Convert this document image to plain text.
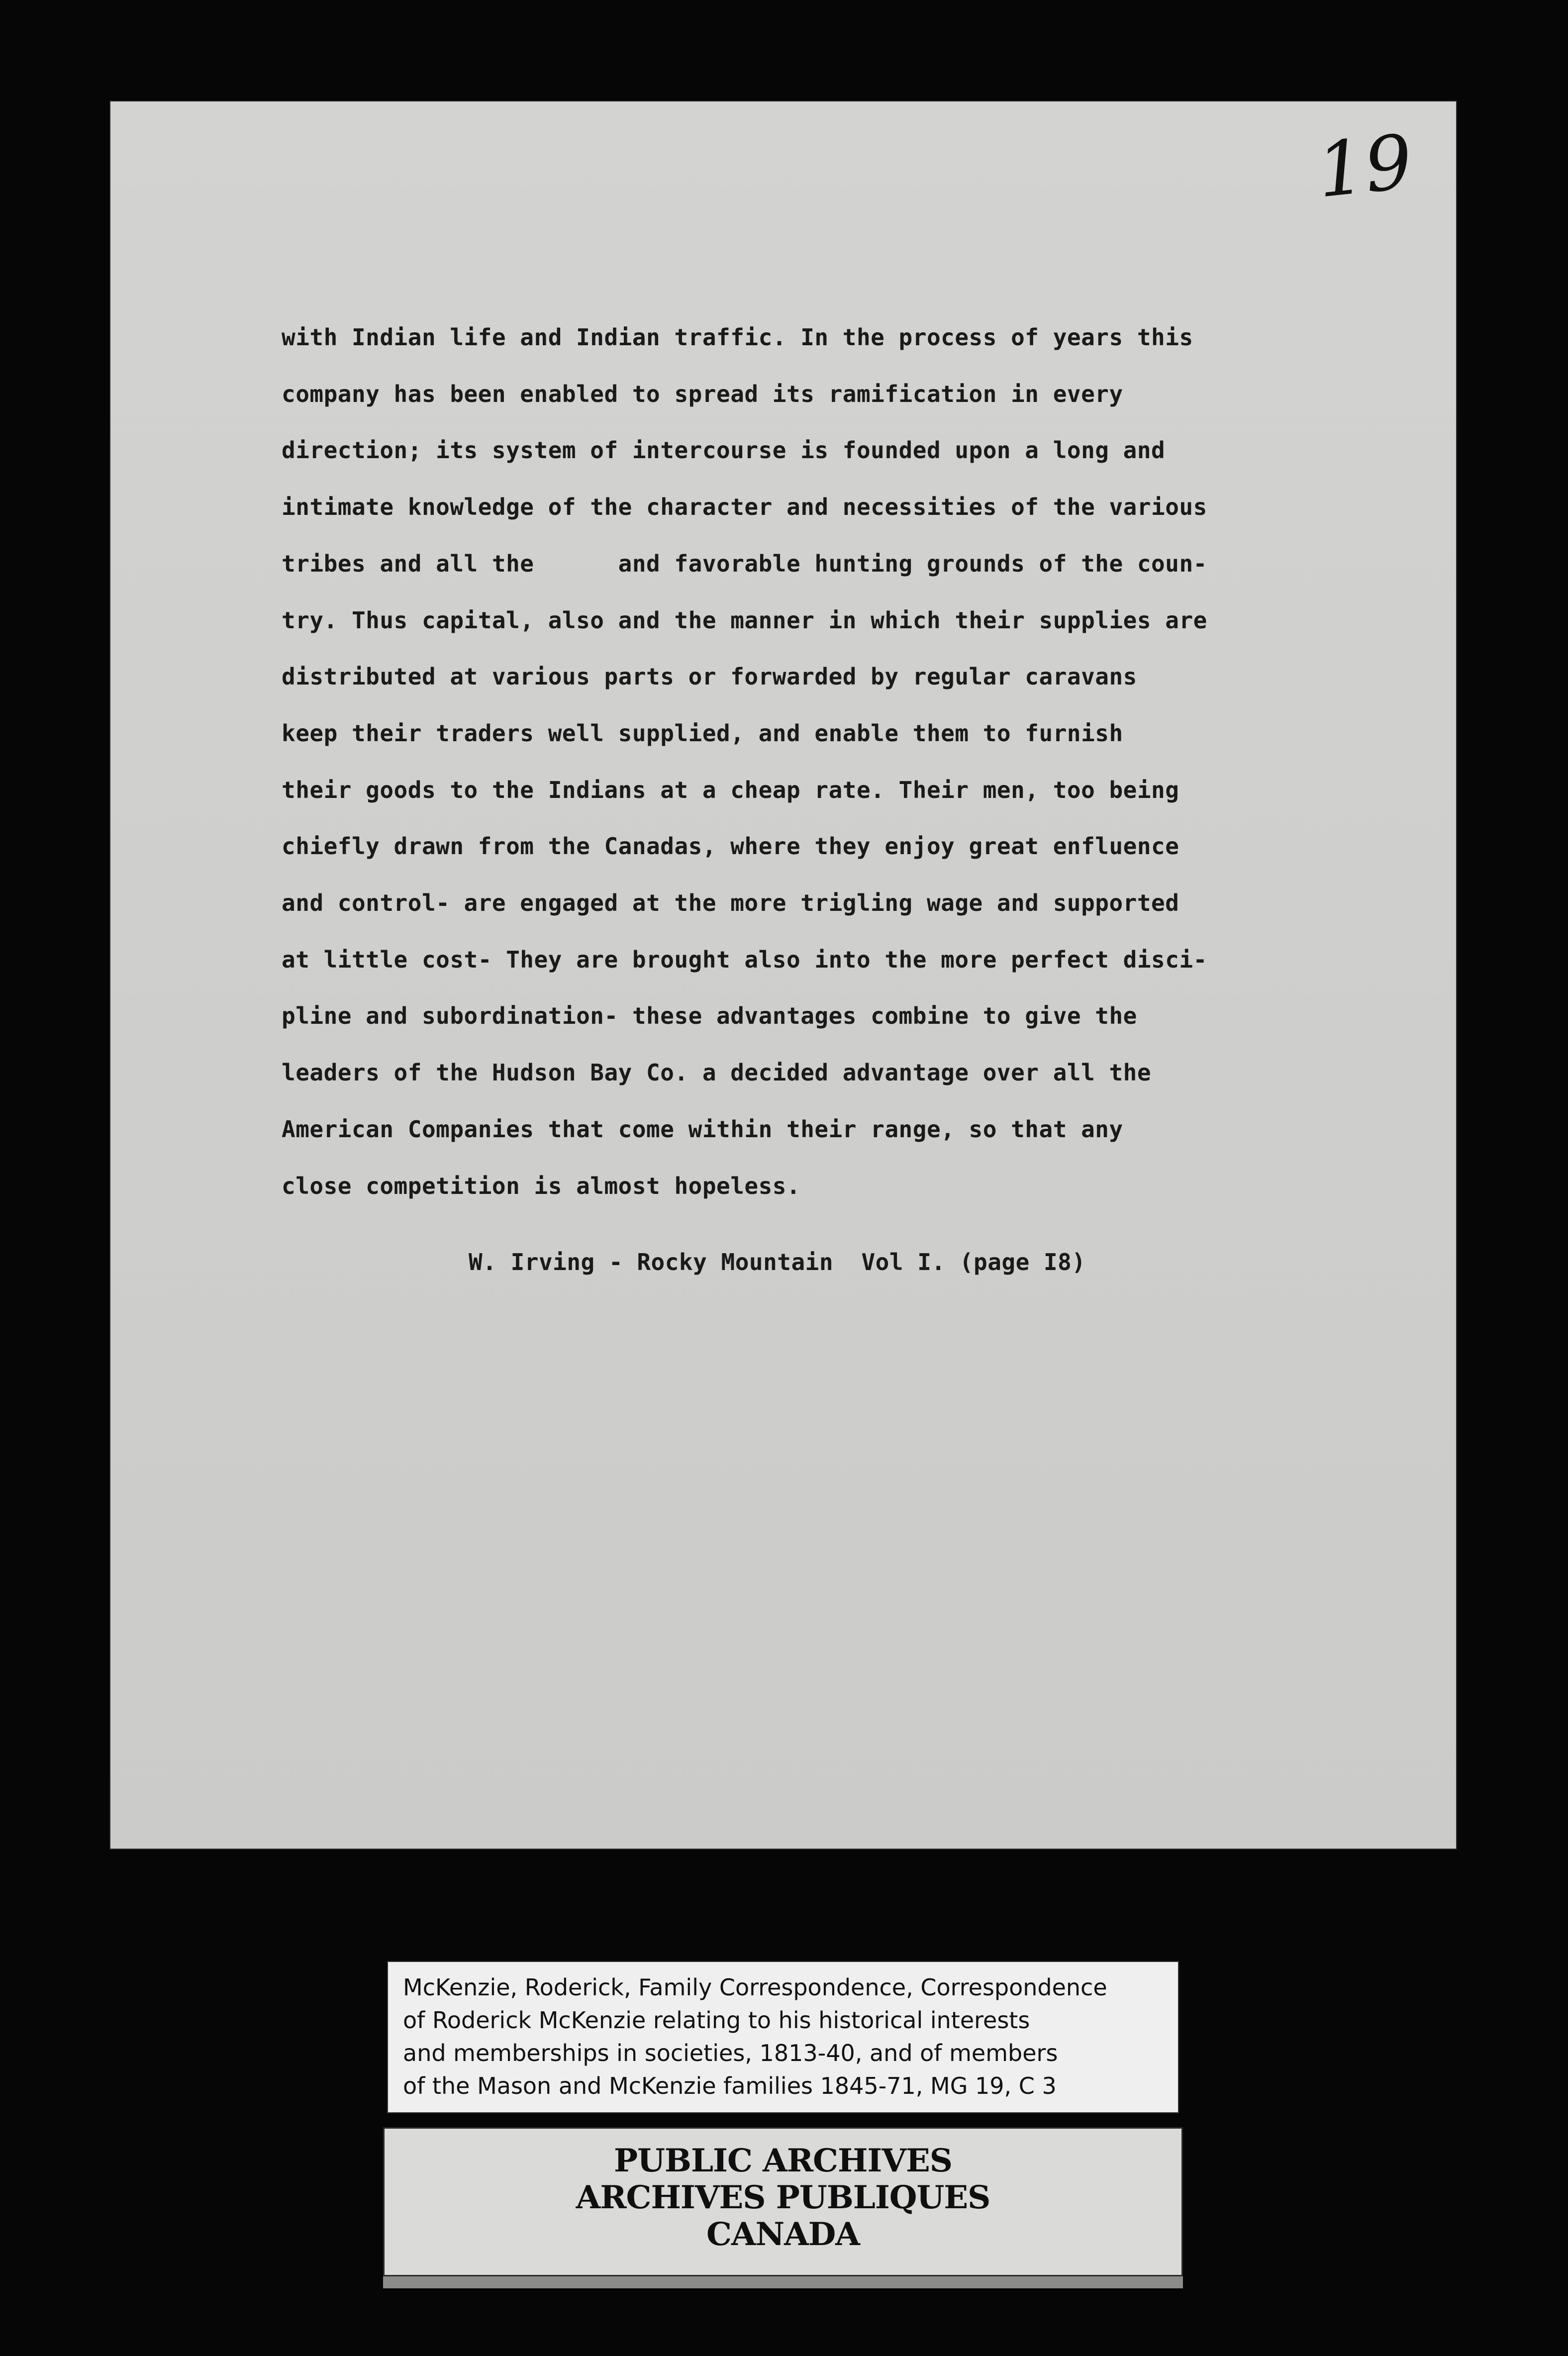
19
with Indian life and Indian traffic. In the process of years this
company has been enabled to spread its ramification in every
direction; its system of intercourse is founded upon a long and
intimate knowledge of the character and necessities of the various
tribes and all the      and favorable hunting grounds of the coun-
try. Thus capital, also and the manner in which their supplies are
distributed at various parts or forwarded by regular caravans
keep their traders well supplied, and enable them to furnish
their goods to the Indians at a cheap rate. Their men, too being
chiefly drawn from the Canadas, where they enjoy great enfluence
and control- are engaged at the more trigling wage and supported
at little cost- They are brought also into the more perfect disci-
pline and subordination- these advantages combine to give the
leaders of the Hudson Bay Co. a decided advantage over all the
American Companies that come within their range, so that any
close competition is almost hopeless.
W. Irving - Rocky Mountain  Vol I. (page I8)
McKenzie, Roderick, Family Correspondence, Correspondence
of Roderick McKenzie relating to his historical interests
and memberships in societies, 1813-40, and of members
of the Mason and McKenzie families 1845-71, MG 19, C 3
PUBLIC ARCHIVES
ARCHIVES PUBLIQUES
CANADA
